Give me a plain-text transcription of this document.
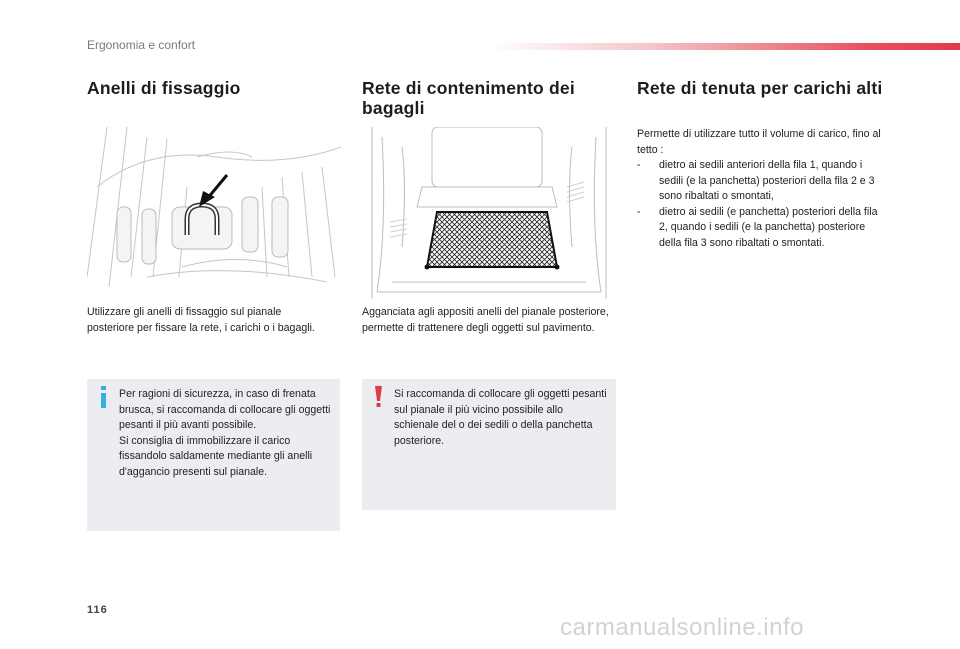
Ergonomia e confort
Anelli di fissaggio	Rete di contenimento dei bagagli
Rete di tenuta per carichi alti
Utilizzare gli anelli di fissaggio sul pianale posteriore per fissare la rete, i carichi o i bagagli.
Agganciata agli appositi anelli del pianale posteriore, permette di trattenere degli oggetti sul pavimento.
Permette di utilizzare tutto il volume di carico, fino al tetto :
- dietro ai sedili anteriori della fila 1, quando i sedili (e la panchetta) posteriori della fila 2 e 3 sono ribaltati o smontati,
- dietro ai sedili (e panchetta) posteriori della fila 2, quando i sedili (e la panchetta) posteriore della fila 3 sono ribaltati o smontati.
Per ragioni di sicurezza, in caso di frenata brusca, si raccomanda di collocare gli oggetti pesanti il più avanti possibile.
Si consiglia di immobilizzare il carico fissandolo saldamente mediante gli anelli d'aggancio presenti sul pianale.
Si raccomanda di collocare gli oggetti pesanti sul pianale il più vicino possibile allo schienale del o dei sedili o della panchetta posteriore.
116
carmanualsonline.info
